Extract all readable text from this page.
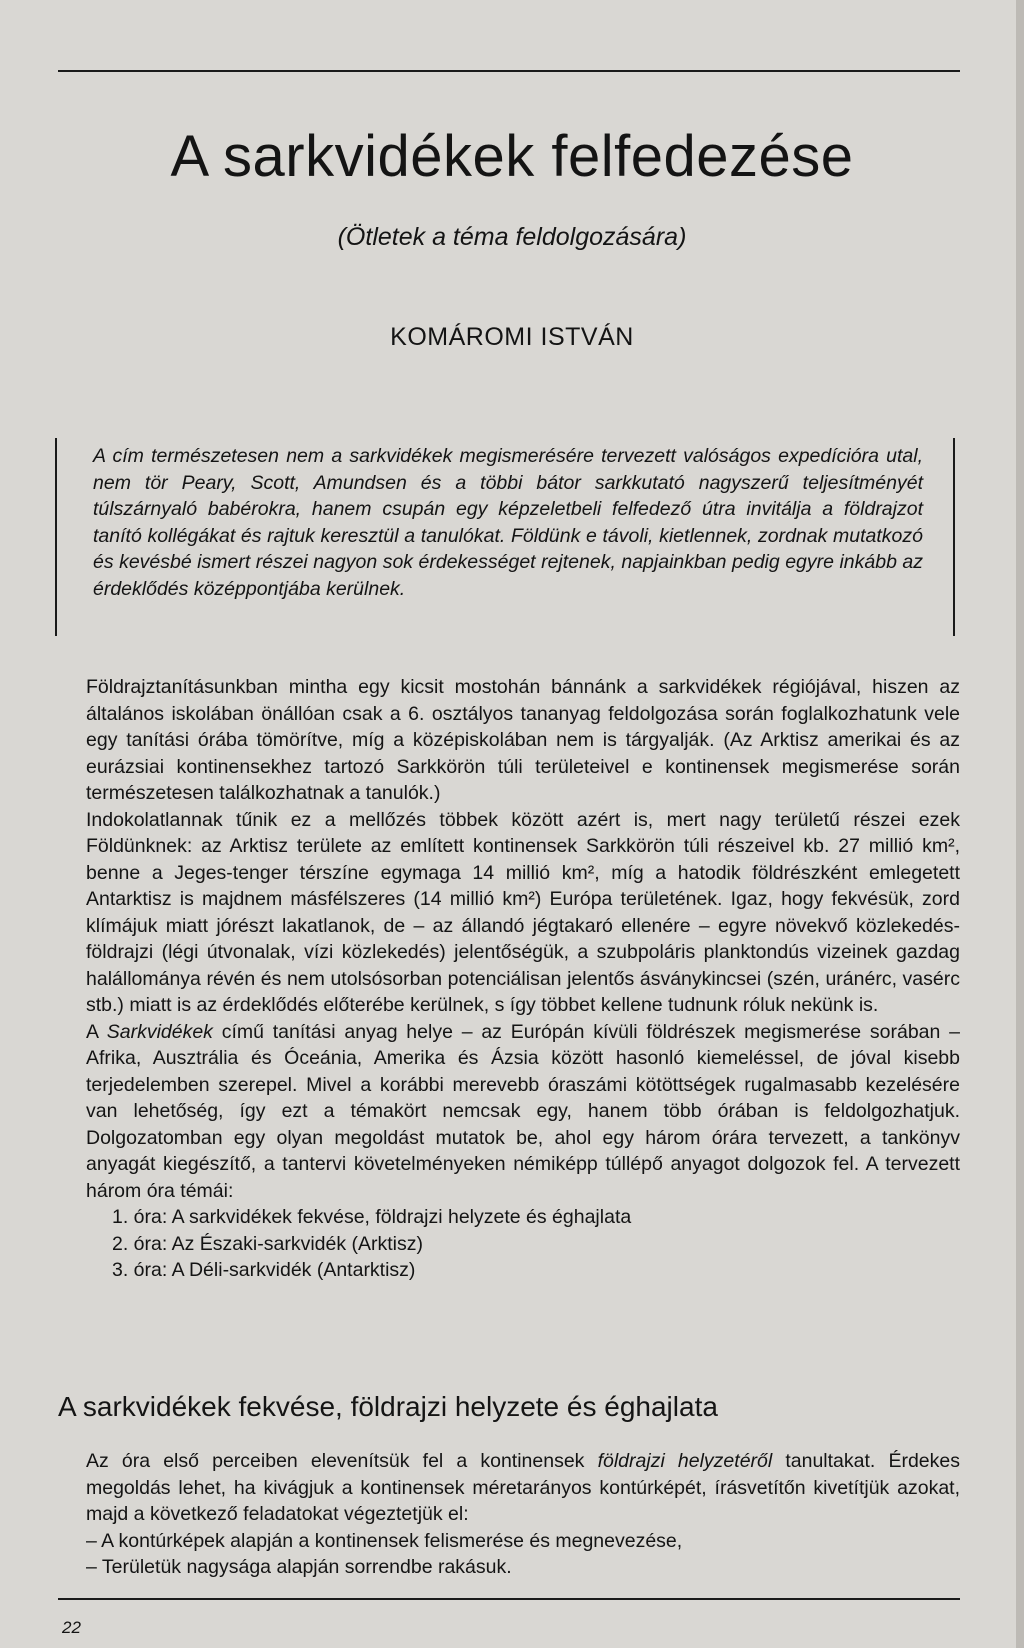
A sarkvidékek felfedezése
(Ötletek a téma feldolgozására)
KOMÁROMI ISTVÁN
A cím természetesen nem a sarkvidékek megismerésére tervezett valóságos expedícióra utal, nem tör Peary, Scott, Amundsen és a többi bátor sarkkutató nagyszerű teljesítményét túlszárnyaló babérokra, hanem csupán egy képzeletbeli felfedező útra invitálja a földrajzot tanító kollégákat és rajtuk keresztül a tanulókat. Földünk e távoli, kietlennek, zordnak mutatkozó és kevésbé ismert részei nagyon sok érdekességet rejtenek, napjainkban pedig egyre inkább az érdeklődés középpontjába kerülnek.

Földrajztanításunkban mintha egy kicsit mostohán bánnánk a sarkvidékek régiójával, hiszen az általános iskolában önállóan csak a 6. osztályos tananyag feldolgozása során foglalkozhatunk vele egy tanítási órába tömörítve, míg a középiskolában nem is tárgyalják. (Az Arktisz amerikai és az eurázsiai kontinensekhez tartozó Sarkkörön túli területeivel e kontinensek megismerése során természetesen találkozhatnak a tanulók.)

Indokolatlannak tűnik ez a mellőzés többek között azért is, mert nagy területű részei ezek Földünknek: az Arktisz területe az említett kontinensek Sarkkörön túli részeivel kb. 27 millió km², benne a Jeges-tenger térszíne egymaga 14 millió km², míg a hatodik földrészként emlegetett Antarktisz is majdnem másfélszeres (14 millió km²) Európa területének. Igaz, hogy fekvésük, zord klímájuk miatt jórészt lakatlanok, de – az állandó jégtakaró ellenére – egyre növekvő közlekedés-földrajzi (légi útvonalak, vízi közlekedés) jelentőségük, a szubpoláris planktondús vizeinek gazdag halállománya révén és nem utolsósorban potenciálisan jelentős ásványkincsei (szén, uránérc, vasérc stb.) miatt is az érdeklődés előterébe kerülnek, s így többet kellene tudnunk róluk nekünk is.

A Sarkvidékek című tanítási anyag helye – az Európán kívüli földrészek megismerése sorában – Afrika, Ausztrália és Óceánia, Amerika és Ázsia között hasonló kiemeléssel, de jóval kisebb terjedelemben szerepel. Mivel a korábbi merevebb óraszámi kötöttségek rugalmasabb kezelésére van lehetőség, így ezt a témakört nemcsak egy, hanem több órában is feldolgozhatjuk. Dolgozatomban egy olyan megoldást mutatok be, ahol egy három órára tervezett, a tankönyv anyagát kiegészítő, a tantervi követelményeken némiképp túllépő anyagot dolgozok fel. A tervezett három óra témái:

1. óra: A sarkvidékek fekvése, földrajzi helyzete és éghajlata
2. óra: Az Északi-sarkvidék (Arktisz)
3. óra: A Déli-sarkvidék (Antarktisz)
A sarkvidékek fekvése, földrajzi helyzete és éghajlata

Az óra első perceiben elevenítsük fel a kontinensek földrajzi helyzetéről tanultakat. Érdekes megoldás lehet, ha kivágjuk a kontinensek méretarányos kontúrképét, írásvetítőn kivetítjük azokat, majd a következő feladatokat végeztetjük el:

– A kontúrképek alapján a kontinensek felismerése és megnevezése,
– Területük nagysága alapján sorrendbe rakásuk.
22
